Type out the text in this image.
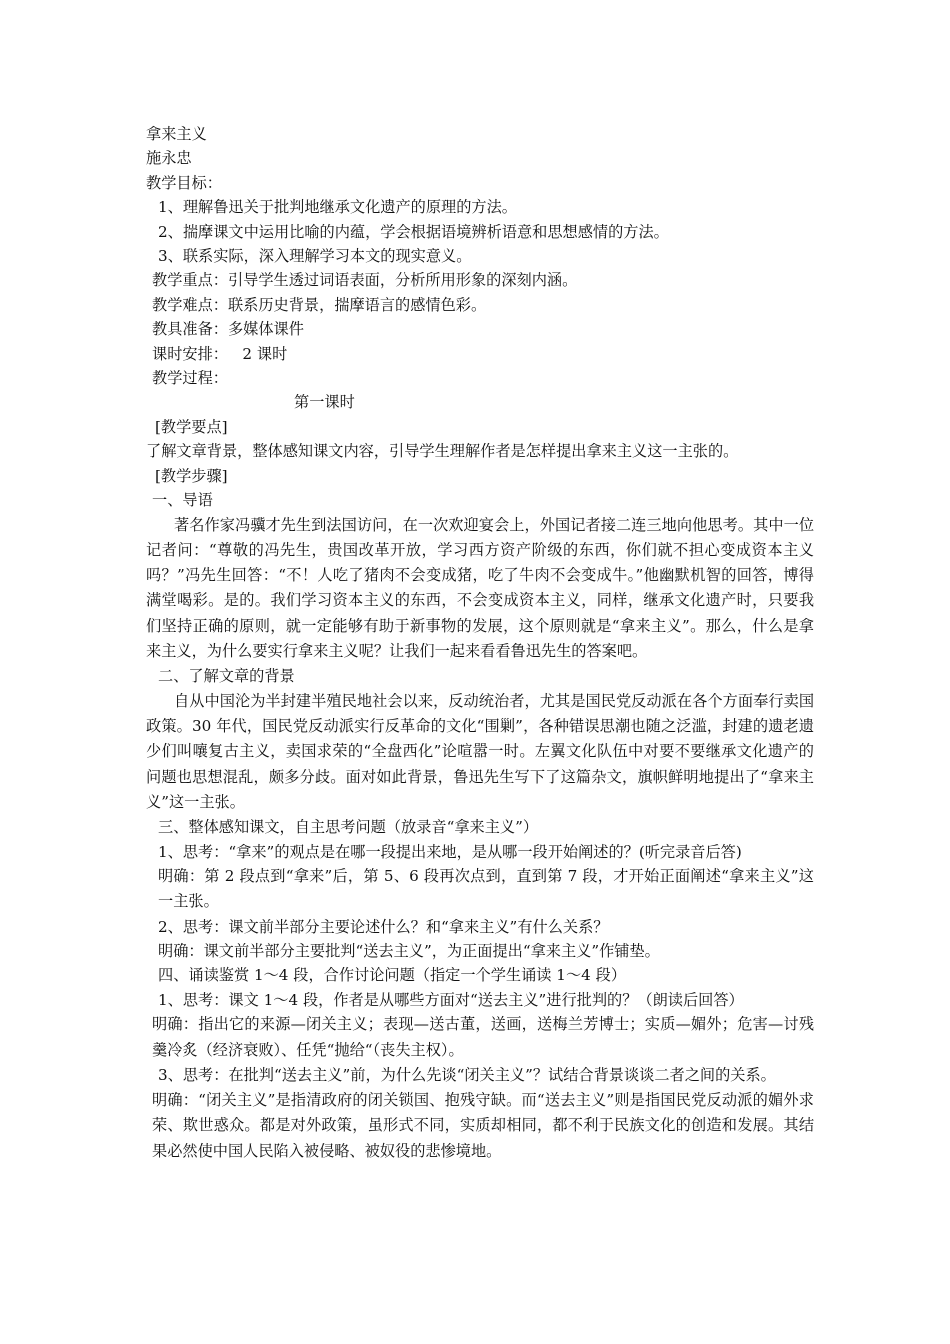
拿来主义
施永忠
教学目标：
1、理解鲁迅关于批判地继承文化遗产的原理的方法。
2、揣摩课文中运用比喻的内蕴，学会根据语境辨析语意和思想感情的方法。
3、联系实际，深入理解学习本文的现实意义。
教学重点：引导学生透过词语表面，分析所用形象的深刻内涵。
教学难点：联系历史背景，揣摩语言的感情色彩。
教具准备：多媒体课件
课时安排：   2 课时
教学过程：
第一课时
[教学要点]
了解文章背景，整体感知课文内容，引导学生理解作者是怎样提出拿来主义这一主张的。
[教学步骤]
一、导语
著名作家冯骥才先生到法国访问，在一次欢迎宴会上，外国记者接二连三地向他思考。其中一位记者问：“尊敬的冯先生，贵国改革开放，学习西方资产阶级的东西，你们就不担心变成资本主义吗？”冯先生回答：“不！人吃了猪肉不会变成猪，吃了牛肉不会变成牛。”他幽默机智的回答，博得满堂喝彩。是的。我们学习资本主义的东西，不会变成资本主义，同样，继承文化遗产时，只要我们坚持正确的原则，就一定能够有助于新事物的发展，这个原则就是“拿来主义”。那么，什么是拿来主义，为什么要实行拿来主义呢？让我们一起来看看鲁迅先生的答案吧。
二、了解文章的背景
自从中国沦为半封建半殖民地社会以来，反动统治者，尤其是国民党反动派在各个方面奉行卖国政策。30 年代，国民党反动派实行反革命的文化“围剿”，各种错误思潮也随之泛滥，封建的遗老遗少们叫嚷复古主义，卖国求荣的“全盘西化”论喧嚣一时。左翼文化队伍中对要不要继承文化遗产的问题也思想混乱，颇多分歧。面对如此背景，鲁迅先生写下了这篇杂文，旗帜鲜明地提出了“拿来主义”这一主张。
三、整体感知课文，自主思考问题（放录音“拿来主义”）
1、思考：“拿来”的观点是在哪一段提出来地，是从哪一段开始阐述的？(听完录音后答)
明确：第 2 段点到“拿来”后，第 5、6 段再次点到，直到第 7 段，才开始正面阐述“拿来主义”这一主张。
2、思考：课文前半部分主要论述什么？和“拿来主义”有什么关系？
明确：课文前半部分主要批判“送去主义”，为正面提出“拿来主义”作铺垫。
四、诵读鉴赏 1～4 段，合作讨论问题（指定一个学生诵读 1～4 段）
1、思考：课文 1～4 段，作者是从哪些方面对“送去主义”进行批判的？（朗读后回答）
明确：指出它的来源—闭关主义；表现—送古董，送画，送梅兰芳博士；实质—媚外；危害—讨残羹冷炙（经济衰败）、任凭“抛给“（丧失主权）。
3、思考：在批判“送去主义”前，为什么先谈“闭关主义”？试结合背景谈谈二者之间的关系。
明确：“闭关主义”是指清政府的闭关锁国、抱残守缺。而“送去主义”则是指国民党反动派的媚外求荣、欺世惑众。都是对外政策，虽形式不同，实质却相同，都不利于民族文化的创造和发展。其结果必然使中国人民陷入被侵略、被奴役的悲惨境地。
